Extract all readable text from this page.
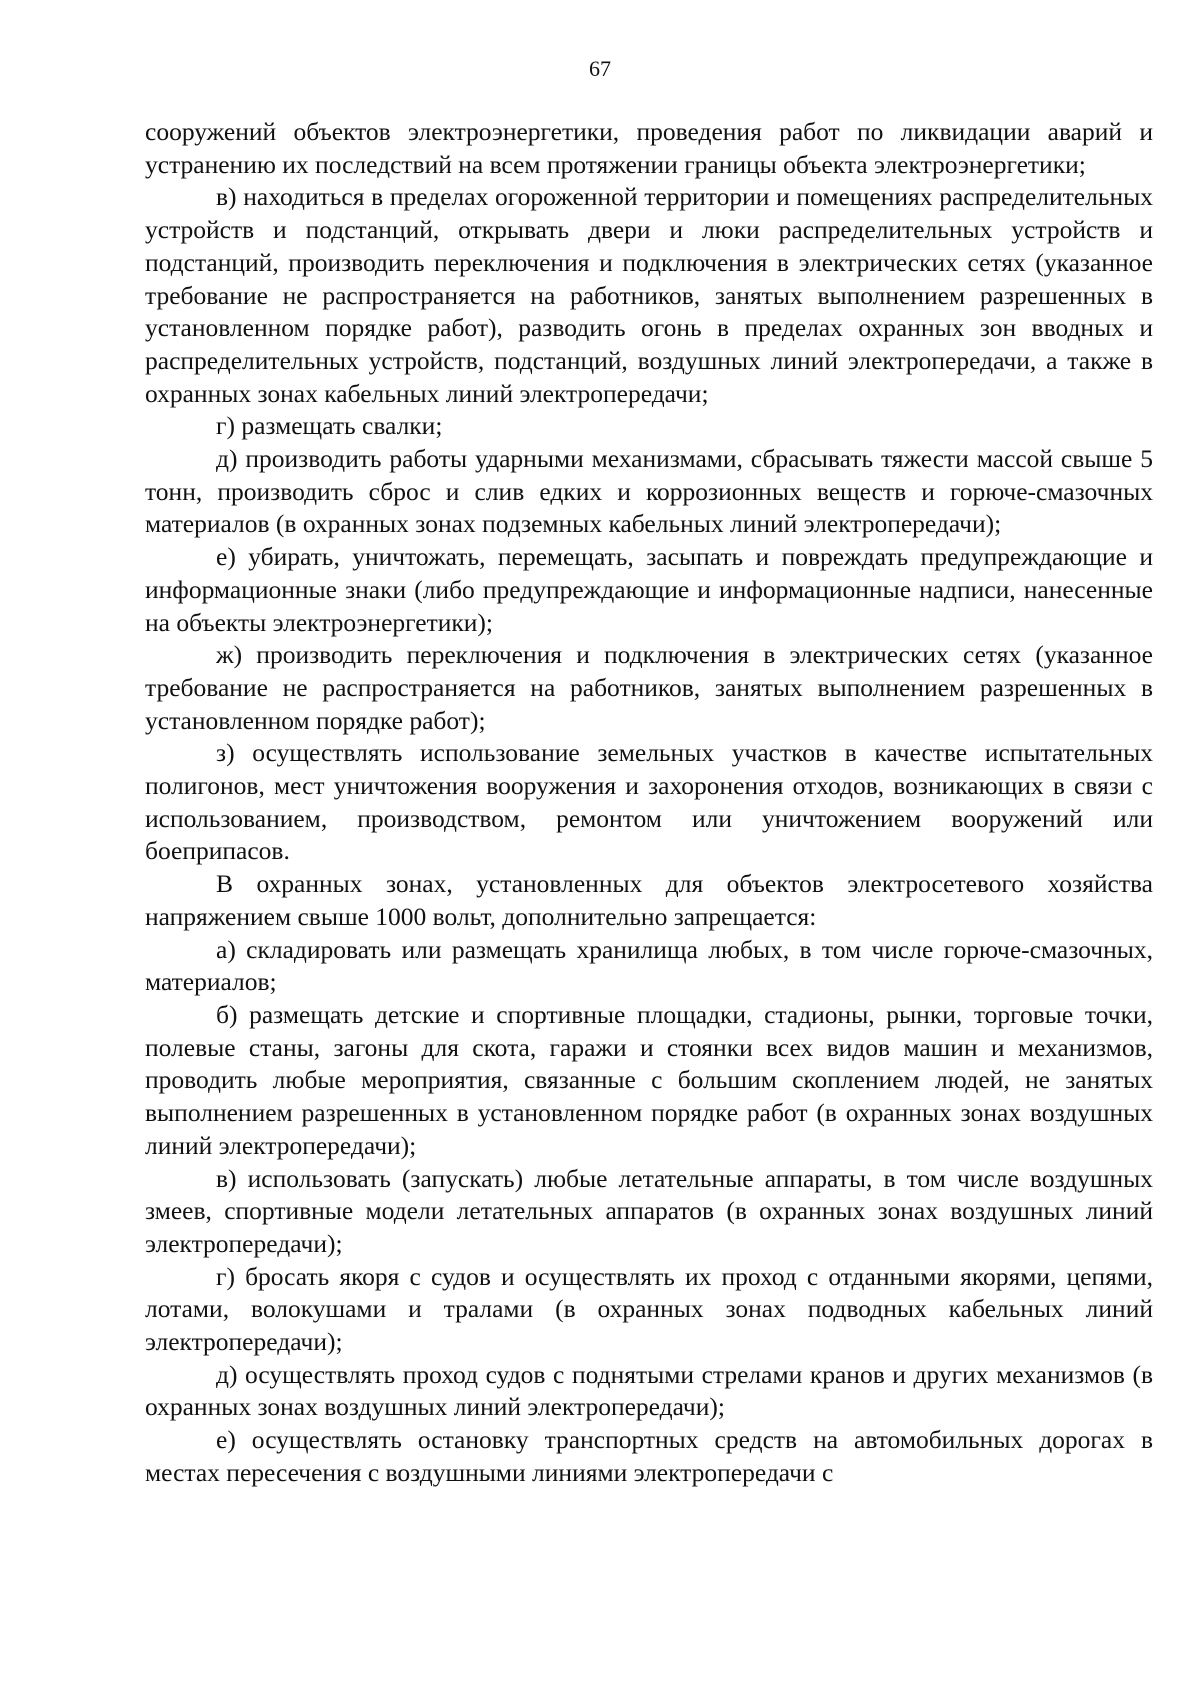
67

сооружений объектов электроэнергетики, проведения работ по ликвидации аварий и устранению их последствий на всем протяжении границы объекта электроэнергетики;

в) находиться в пределах огороженной территории и помещениях распределительных устройств и подстанций, открывать двери и люки распределительных устройств и подстанций, производить переключения и подключения в электрических сетях (указанное требование не распространяется на работников, занятых выполнением разрешенных в установленном порядке работ), разводить огонь в пределах охранных зон вводных и распределительных устройств, подстанций, воздушных линий электропередачи, а также в охранных зонах кабельных линий электропередачи;

г) размещать свалки;

д) производить работы ударными механизмами, сбрасывать тяжести массой свыше 5 тонн, производить сброс и слив едких и коррозионных веществ и горюче-смазочных материалов (в охранных зонах подземных кабельных линий электропередачи);

е) убирать, уничтожать, перемещать, засыпать и повреждать предупреждающие и информационные знаки (либо предупреждающие и информационные надписи, нанесенные на объекты электроэнергетики);

ж) производить переключения и подключения в электрических сетях (указанное требование не распространяется на работников, занятых выполнением разрешенных в установленном порядке работ);

з) осуществлять использование земельных участков в качестве испытательных полигонов, мест уничтожения вооружения и захоронения отходов, возникающих в связи с использованием, производством, ремонтом или уничтожением вооружений или боеприпасов.

В охранных зонах, установленных для объектов электросетевого хозяйства напряжением свыше 1000 вольт, дополнительно запрещается:

а) складировать или размещать хранилища любых, в том числе горюче-смазочных, материалов;

б) размещать детские и спортивные площадки, стадионы, рынки, торговые точки, полевые станы, загоны для скота, гаражи и стоянки всех видов машин и механизмов, проводить любые мероприятия, связанные с большим скоплением людей, не занятых выполнением разрешенных в установленном порядке работ (в охранных зонах воздушных линий электропередачи);

в) использовать (запускать) любые летательные аппараты, в том числе воздушных змеев, спортивные модели летательных аппаратов (в охранных зонах воздушных линий электропередачи);

г) бросать якоря с судов и осуществлять их проход с отданными якорями, цепями, лотами, волокушами и тралами (в охранных зонах подводных кабельных линий электропередачи);

д) осуществлять проход судов с поднятыми стрелами кранов и других механизмов (в охранных зонах воздушных линий электропередачи);

е) осуществлять остановку транспортных средств на автомобильных дорогах в местах пересечения с воздушными линиями электропередачи с
